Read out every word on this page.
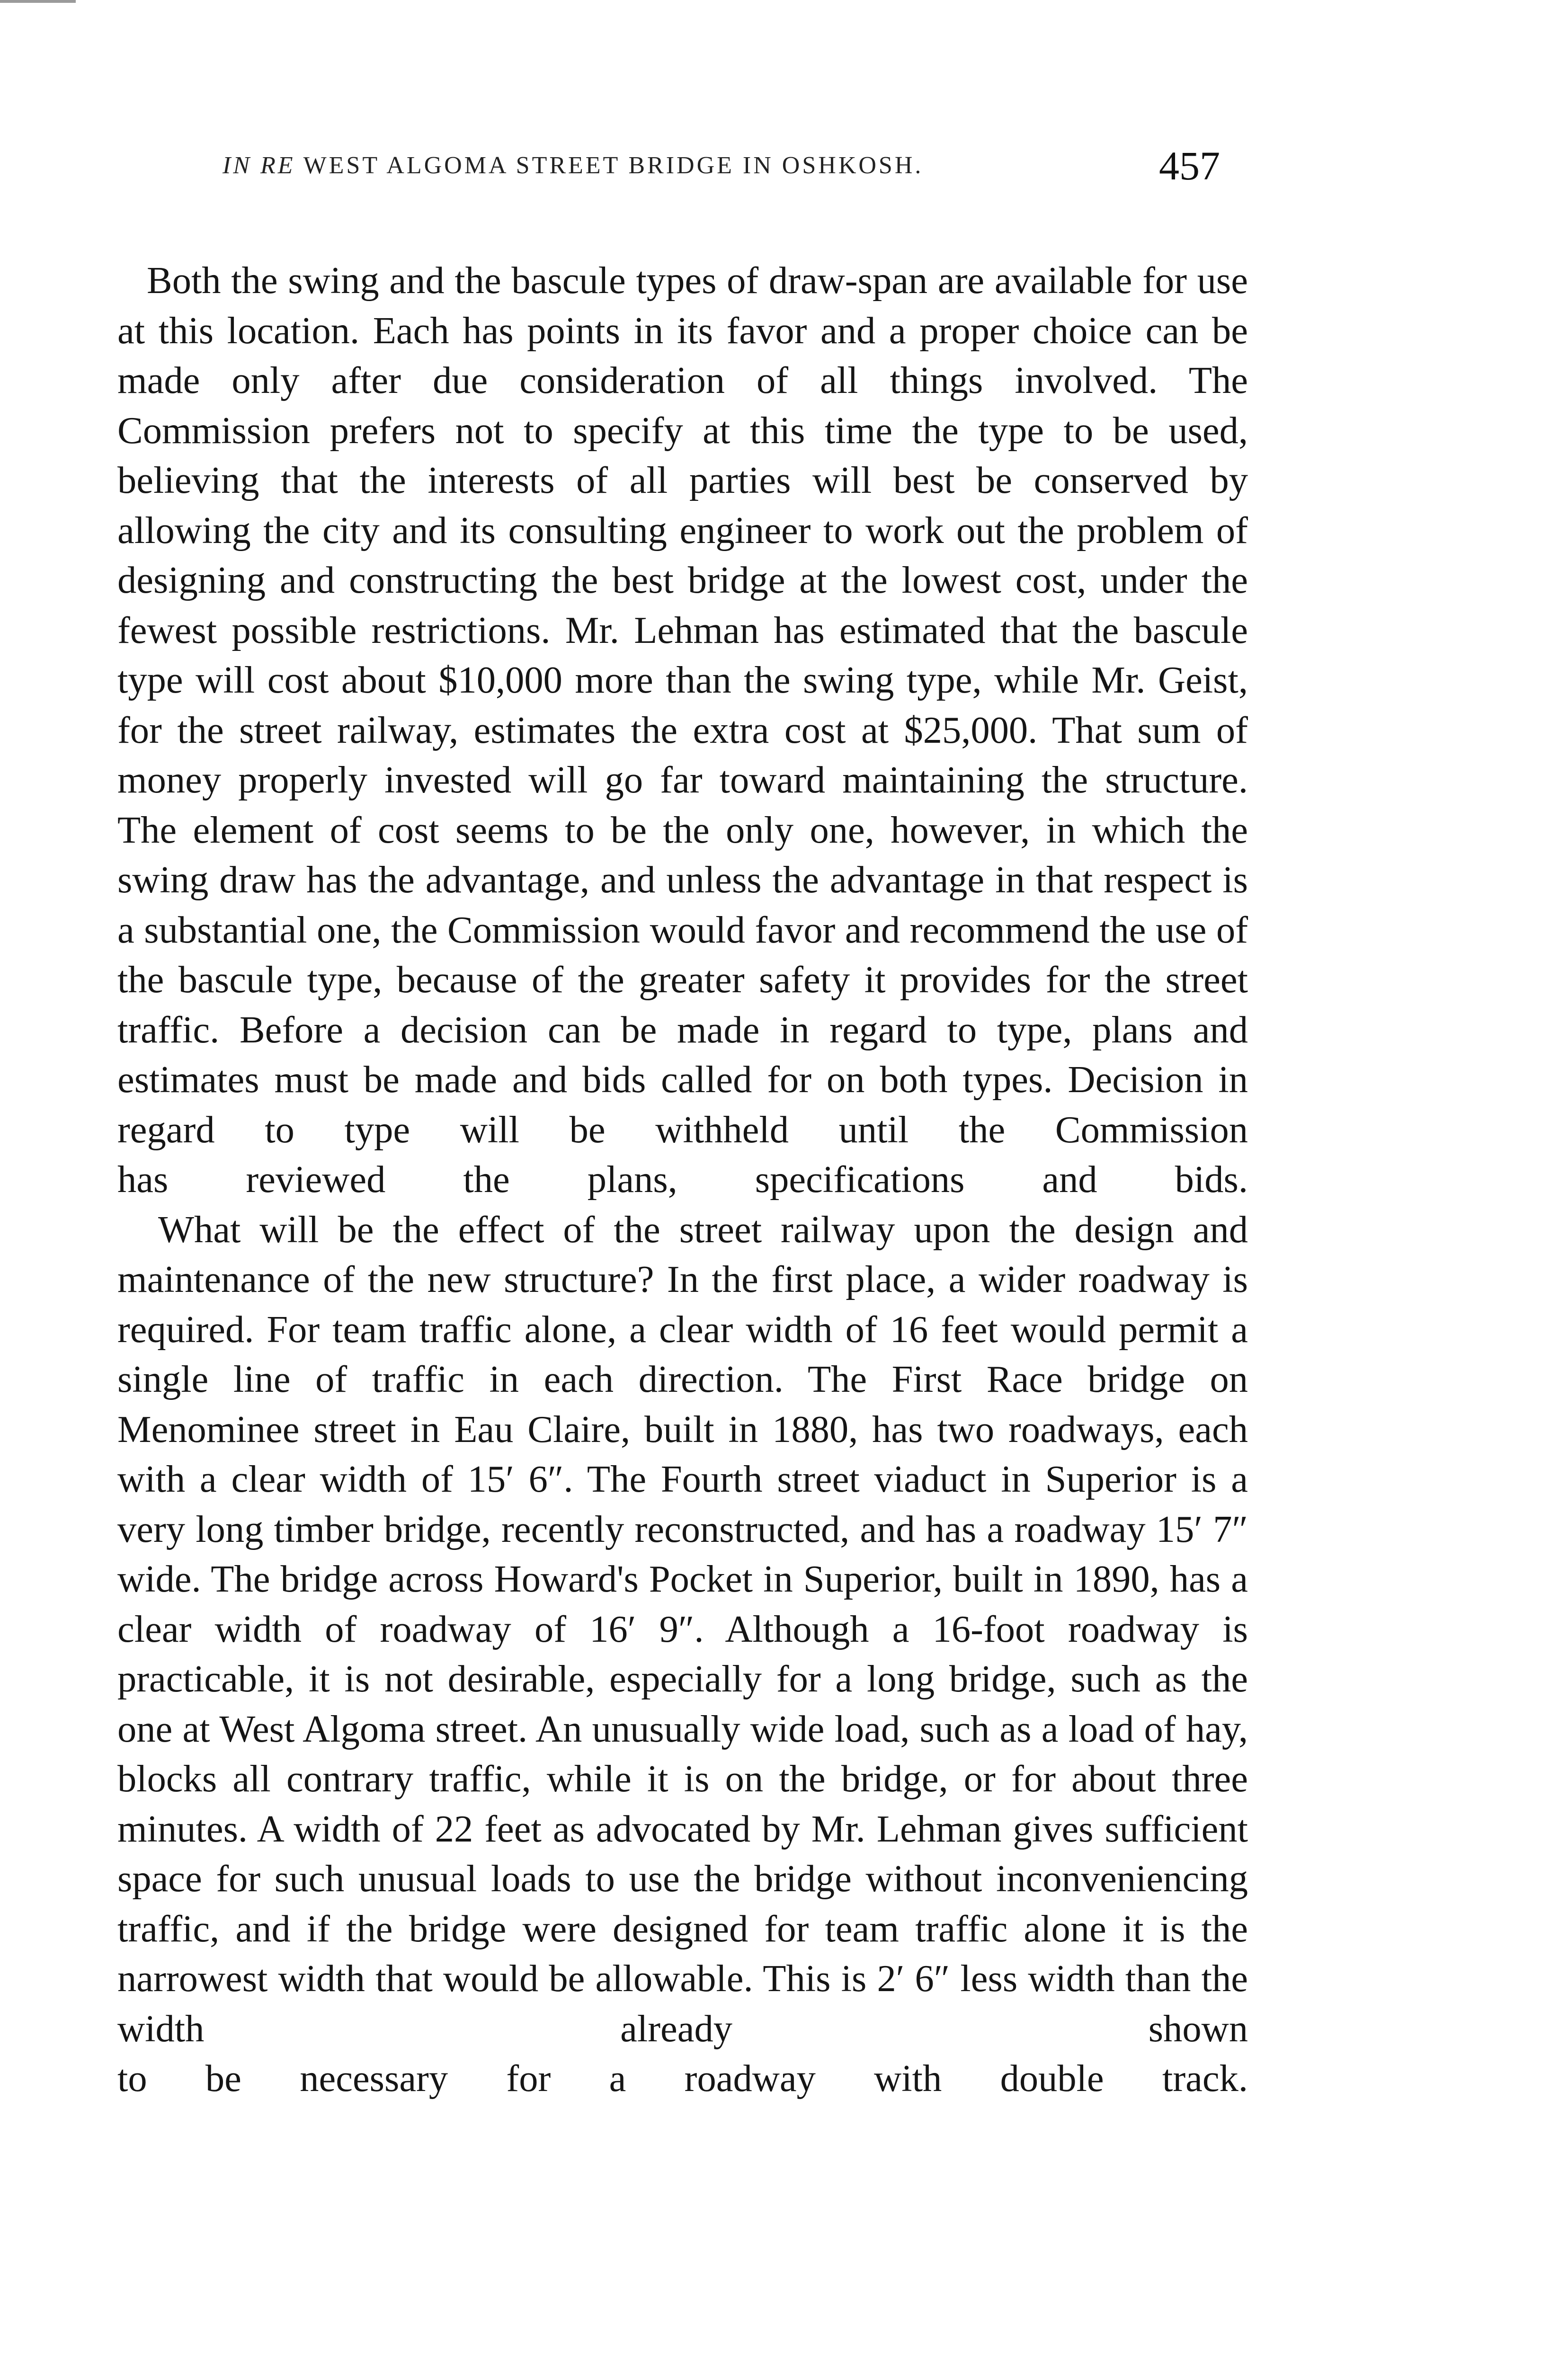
IN RE WEST ALGOMA STREET BRIDGE IN OSHKOSH.	457

Both the swing and the bascule types of draw-span are available for use at this location. Each has points in its favor and a proper choice can be made only after due consideration of all things involved. The Commission prefers not to specify at this time the type to be used, believing that the interests of all parties will best be conserved by allowing the city and its consulting engineer to work out the problem of designing and constructing the best bridge at the lowest cost, under the fewest possible restrictions. Mr. Lehman has estimated that the bascule type will cost about $10,000 more than the swing type, while Mr. Geist, for the street railway, estimates the extra cost at $25,000. That sum of money properly invested will go far toward maintaining the structure. The element of cost seems to be the only one, however, in which the swing draw has the advantage, and unless the advantage in that respect is a substantial one, the Commission would favor and recommend the use of the bascule type, because of the greater safety it provides for the street traffic. Before a decision can be made in regard to type, plans and estimates must be made and bids called for on both types. Decision in regard to type will be withheld until the Commission

has reviewed the plans, specifications and bids.

What will be the effect of the street railway upon the design and maintenance of the new structure? In the first place, a wider roadway is required. For team traffic alone, a clear width of 16 feet would permit a single line of traffic in each direction. The First Race bridge on Menominee street in Eau Claire, built in 1880, has two roadways, each with a clear width of 15′ 6″. The Fourth street viaduct in Superior is a very long timber bridge, recently reconstructed, and has a roadway 15′ 7″ wide. The bridge across Howard's Pocket in Superior, built in 1890, has a clear width of roadway of 16′ 9″. Although a 16-foot roadway is practicable, it is not desirable, especially for a long bridge, such as the one at West Algoma street. An unusually wide load, such as a load of hay, blocks all contrary traffic, while it is on the bridge, or for about three minutes. A width of 22 feet as advocated by Mr. Lehman gives sufficient space for such unusual loads to use the bridge without inconveniencing traffic, and if the bridge were designed for team traffic alone it is the narrowest width that would be allowable. This is 2′ 6″ less width than the width already shown

to be necessary for a roadway with double track.
